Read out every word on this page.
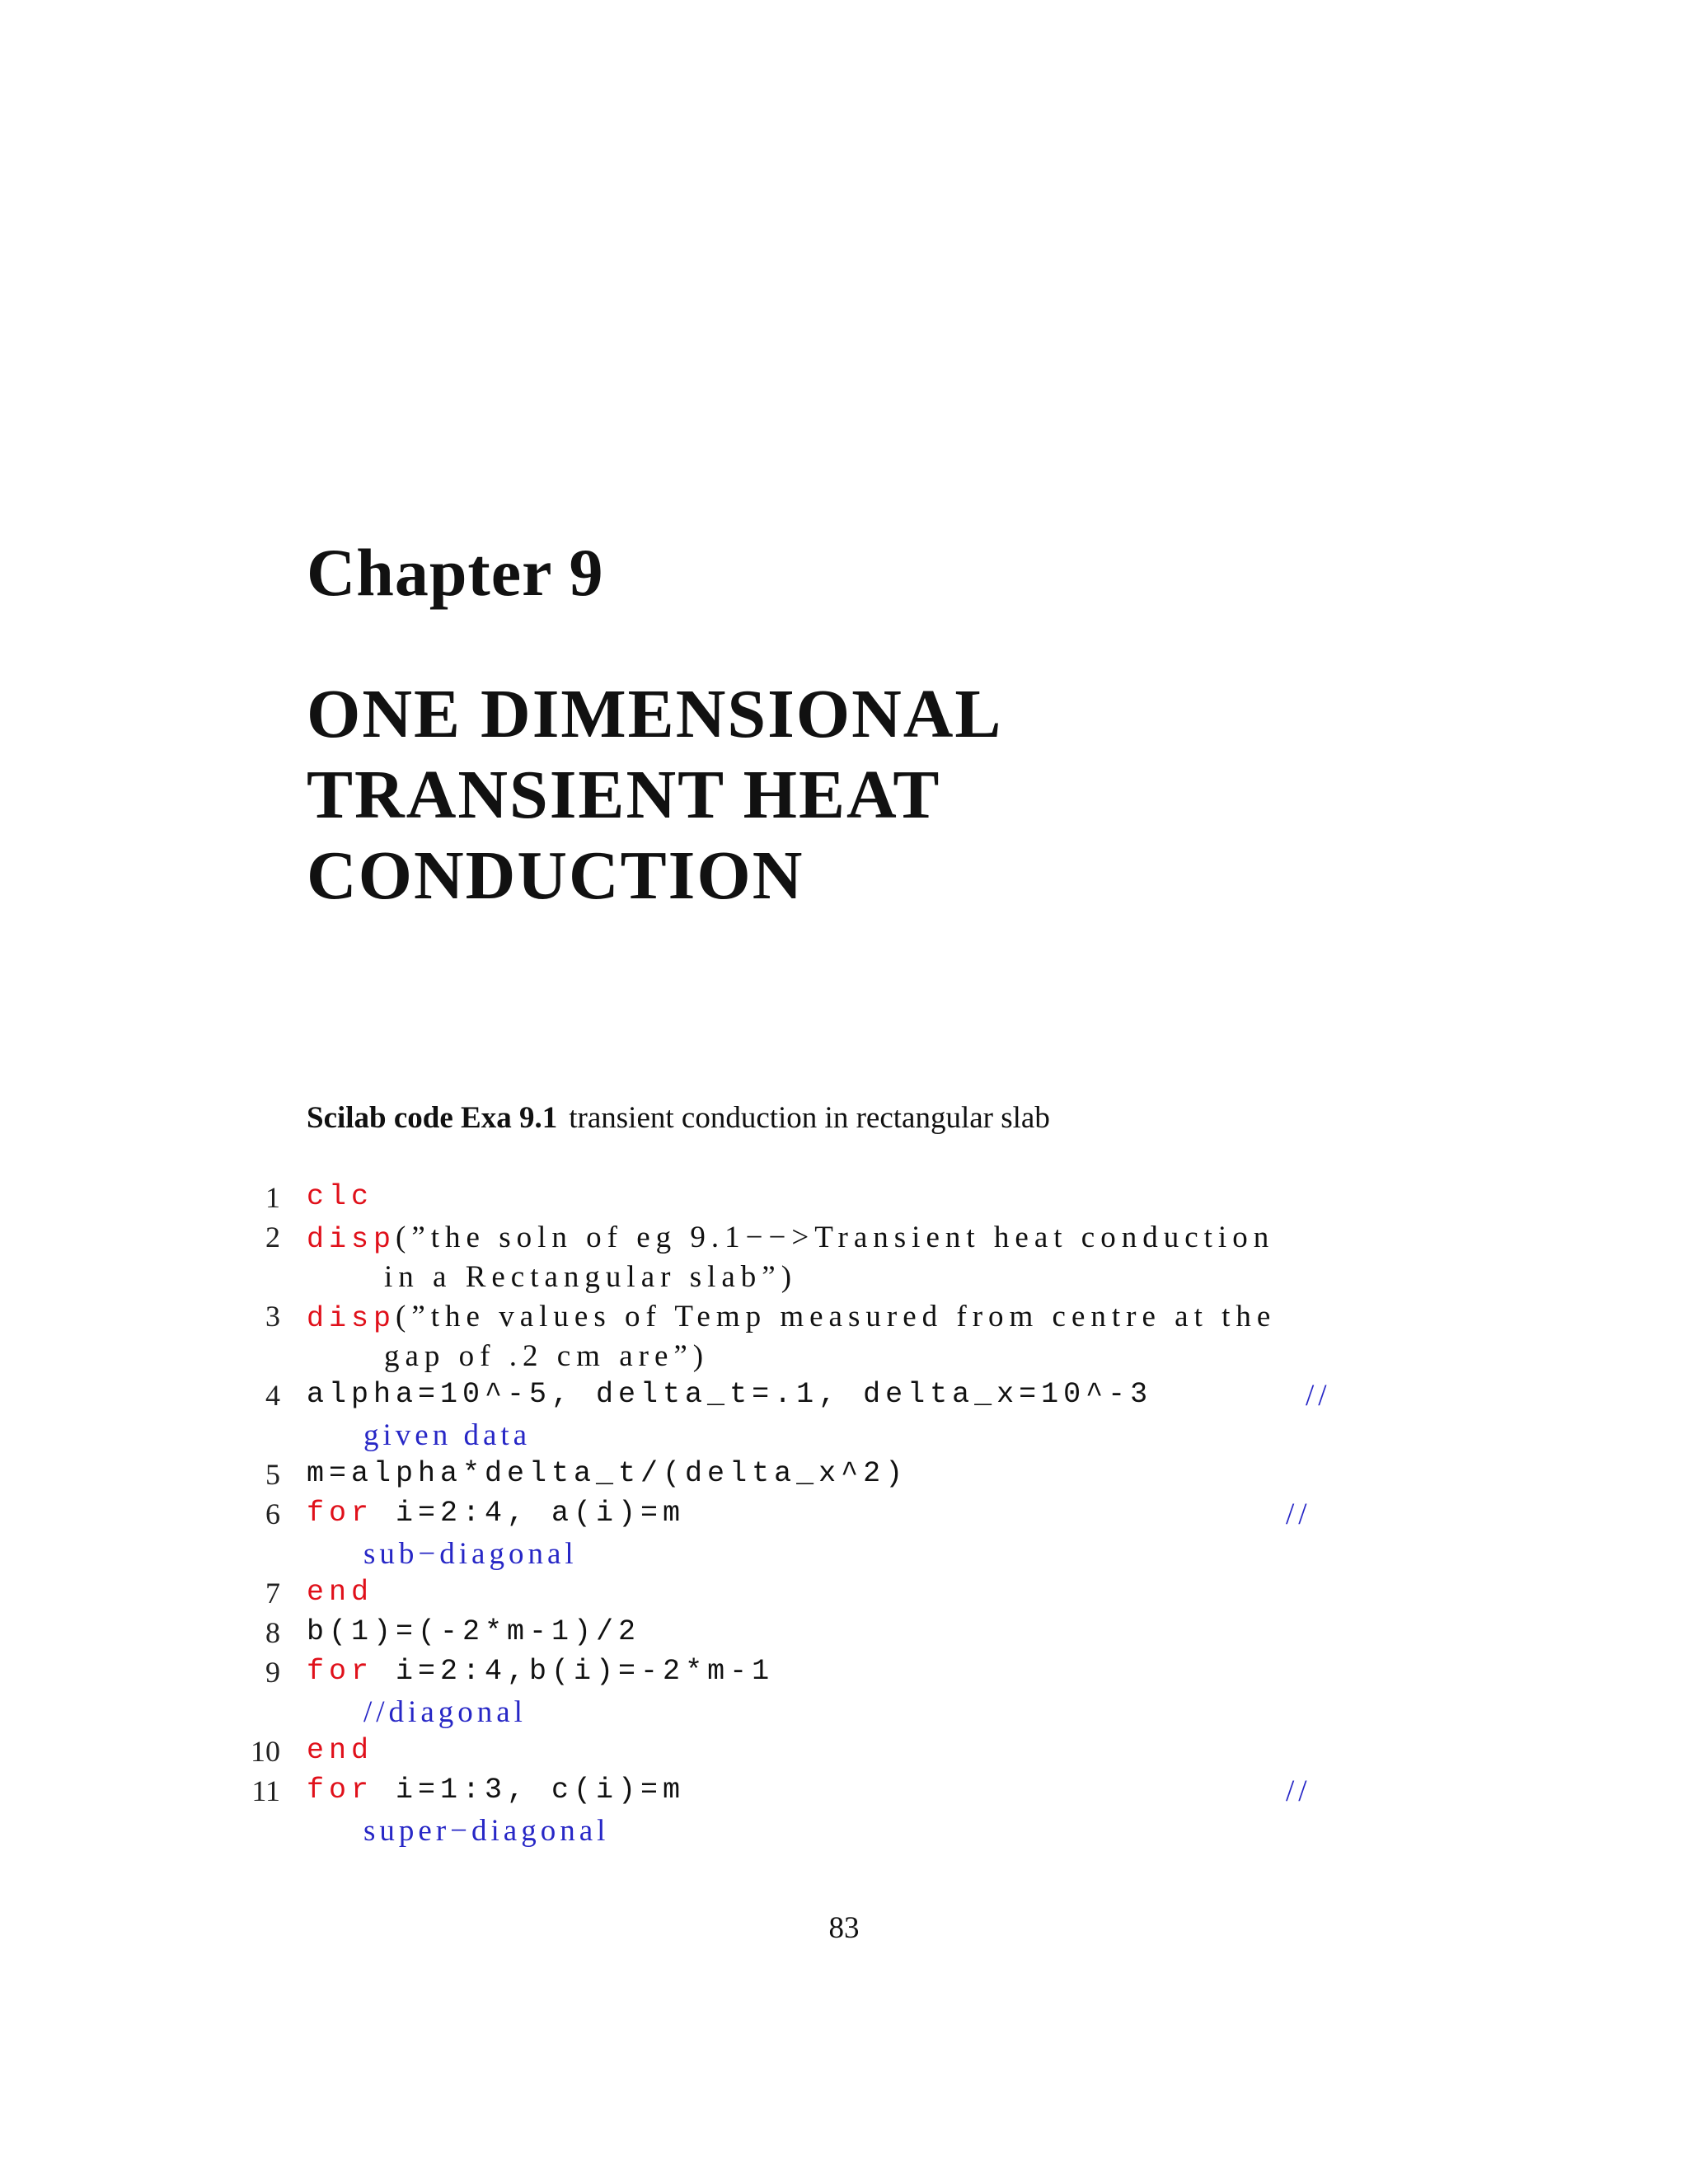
Chapter 9
ONE DIMENSIONAL
TRANSIENT HEAT
CONDUCTION
Scilab code Exa 9.1 transient conduction in rectangular slab
1 clc
2 disp(”the soln of eg 9.1−−>Transient heat conduction
in a Rectangular slab”)
3 disp(”the values of Temp measured from centre at the
gap of .2 cm are”)
4 alpha=10^-5, delta_t=.1, delta_x=10^-3	//
given data
5 m=alpha*delta_t/(delta_x^2)
6 for i=2:4, a(i)=m	//
sub−diagonal
7 end
8 b(1)=(-2*m-1)/2
9 for i=2:4,b(i)=-2*m-1
//diagonal
10 end
11 for i=1:3, c(i)=m	//
super−diagonal
83
